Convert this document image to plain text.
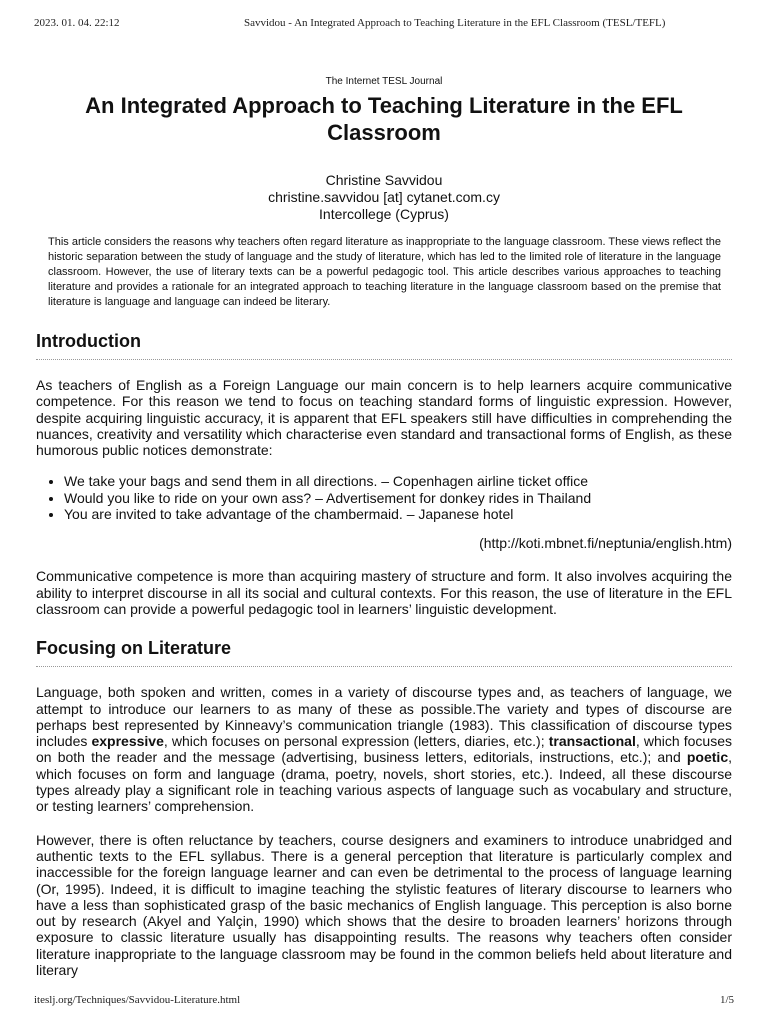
2023. 01. 04. 22:12	Savvidou - An Integrated Approach to Teaching Literature in the EFL Classroom (TESL/TEFL)

The Internet TESL Journal

An Integrated Approach to Teaching Literature in the EFL Classroom
Christine Savvidou
christine.savvidou [at] cytanet.com.cy
Intercollege (Cyprus)

This article considers the reasons why teachers often regard literature as inappropriate to the language classroom. These views reflect the historic separation between the study of language and the study of literature, which has led to the limited role of literature in the language classroom. However, the use of literary texts can be a powerful pedagogic tool. This article describes various approaches to teaching literature and provides a rationale for an integrated approach to teaching literature in the language classroom based on the premise that literature is language and language can indeed be literary.

Introduction

As teachers of English as a Foreign Language our main concern is to help learners acquire communicative competence. For this reason we tend to focus on teaching standard forms of linguistic expression. However, despite acquiring linguistic accuracy, it is apparent that EFL speakers still have difficulties in comprehending the nuances, creativity and versatility which characterise even standard and transactional forms of English, as these humorous public notices demonstrate:

• We take your bags and send them in all directions. – Copenhagen airline ticket office
• Would you like to ride on your own ass? – Advertisement for donkey rides in Thailand
• You are invited to take advantage of the chambermaid. – Japanese hotel
(http://koti.mbnet.fi/neptunia/english.htm)

Communicative competence is more than acquiring mastery of structure and form. It also involves acquiring the ability to interpret discourse in all its social and cultural contexts. For this reason, the use of literature in the EFL classroom can provide a powerful pedagogic tool in learners’ linguistic development.

Focusing on Literature

Language, both spoken and written, comes in a variety of discourse types and, as teachers of language, we attempt to introduce our learners to as many of these as possible.The variety and types of discourse are perhaps best represented by Kinneavy’s communication triangle (1983). This classification of discourse types includes expressive, which focuses on personal expression (letters, diaries, etc.); transactional, which focuses on both the reader and the message (advertising, business letters, editorials, instructions, etc.); and poetic, which focuses on form and language (drama, poetry, novels, short stories, etc.). Indeed, all these discourse types already play a significant role in teaching various aspects of language such as vocabulary and structure, or testing learners’ comprehension.

However, there is often reluctance by teachers, course designers and examiners to introduce unabridged and authentic texts to the EFL syllabus. There is a general perception that literature is particularly complex and inaccessible for the foreign language learner and can even be detrimental to the process of language learning (Or, 1995). Indeed, it is difficult to imagine teaching the stylistic features of literary discourse to learners who have a less than sophisticated grasp of the basic mechanics of English language. This perception is also borne out by research (Akyel and Yalçin, 1990) which shows that the desire to broaden learners’ horizons through exposure to classic literature usually has disappointing results. The reasons why teachers often consider literature inappropriate to the language classroom may be found in the common beliefs held about literature and literary

iteslj.org/Techniques/Savvidou-Literature.html	1/5
